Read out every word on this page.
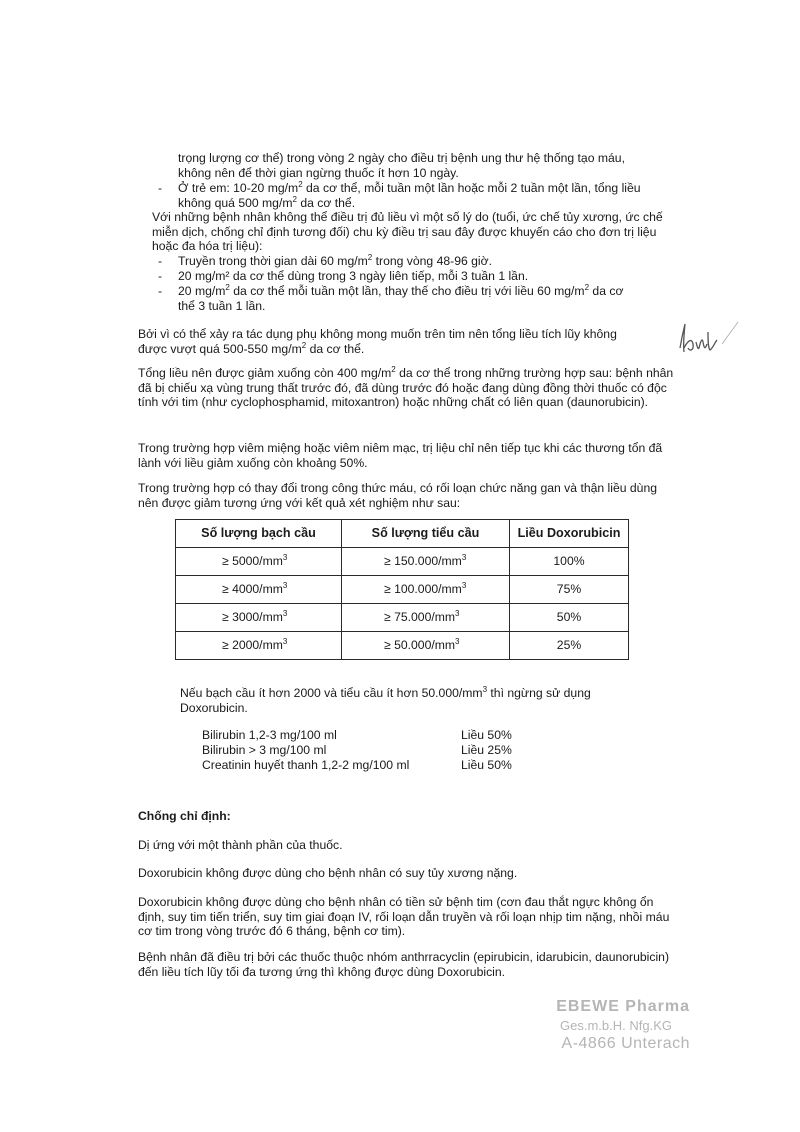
trọng lượng cơ thể) trong vòng 2 ngày cho điều trị bệnh ung thư hệ thống tạo máu,
không nên để thời gian ngừng thuốc ít hơn 10 ngày.
-	Ở trẻ em: 10-20 $mg/m^2$ da cơ thể, mỗi tuần một lần hoặc mỗi 2 tuần một lần, tổng liều
không quá 500 $mg/m^2$ da cơ thể.
Với những bệnh nhân không thể điều trị đủ liều vì một số lý do (tuổi, ức chế tủy xương, ức chế miễn dịch, chống chỉ định tương đối) chu kỳ điều trị sau đây được khuyến cáo cho đơn trị liệu hoặc đa hóa trị liệu):
-	Truyền trong thời gian dài 60 $mg/m^2$ trong vòng 48-96 giờ.
-	20 mg/m² da cơ thể dùng trong 3 ngày liên tiếp, mỗi 3 tuần 1 lần.
-	20 $mg/m^2$ da cơ thể mỗi tuần một lần, thay thế cho điều trị với liều 60 $mg/m^2$ da cơ
thể 3 tuần 1 lần.
Bởi vì có thể xảy ra tác dụng phụ không mong muốn trên tim nên tổng liều tích lũy không
được vượt quá 500-550 $mg/m^2$ da cơ thể.
Tổng liều nên được giảm xuống còn 400 $mg/m^2$ da cơ thể trong những trường hợp sau: bệnh nhân đã bị chiếu xạ vùng trung thất trước đó, đã dùng trước đó hoặc đang dùng đồng thời thuốc có độc tính với tim (như cyclophosphamid, mitoxantron) hoặc những chất có liên quan (daunorubicin).
Trong trường hợp viêm miệng hoặc viêm niêm mạc, trị liệu chỉ nên tiếp tục khi các thương tổn đã lành với liều giảm xuống còn khoảng 50%.
Trong trường hợp có thay đổi trong công thức máu, có rối loạn chức năng gan và thận liều dùng nên được giảm tương ứng với kết quả xét nghiệm như sau:
Số lượng bạch cầu	Số lượng tiểu cầu	Liều Doxorubicin
≥ $5000/mm^3$	≥ $150.000/mm^3$	100%
≥ $4000/mm^3$	≥ $100.000/mm^3$	75%
≥ $3000/mm^3$	≥ $75.000/mm^3$	50%
≥ $2000/mm^3$	≥ $50.000/mm^3$	25%
Nếu bạch cầu ít hơn 2000 và tiểu cầu ít hơn $50.000/mm^3$ thì ngừng sử dụng
Doxorubicin.
Bilirubin 1,2-3 mg/100 ml	Liều 50%
Bilirubin > 3 mg/100 ml	Liều 25%
Creatinin huyết thanh 1,2-2 mg/100 ml	Liều 50%
Chống chỉ định:
Dị ứng với một thành phần của thuốc.
Doxorubicin không được dùng cho bệnh nhân có suy tủy xương nặng.
Doxorubicin không được dùng cho bệnh nhân có tiền sử bệnh tim (cơn đau thắt ngực không ổn định, suy tim tiến triển, suy tim giai đoạn IV, rối loạn dẫn truyền và rối loạn nhịp tim nặng, nhồi máu cơ tim trong vòng trước đó 6 tháng, bệnh cơ tim).
Bệnh nhân đã điều trị bởi các thuốc thuộc nhóm anthrracyclin (epirubicin, idarubicin, daunorubicin) đến liều tích lũy tối đa tương ứng thì không được dùng Doxorubicin.
EBEWE Pharma
Ges.m.b.H. Nfg.KG
A-4866 Unterach
